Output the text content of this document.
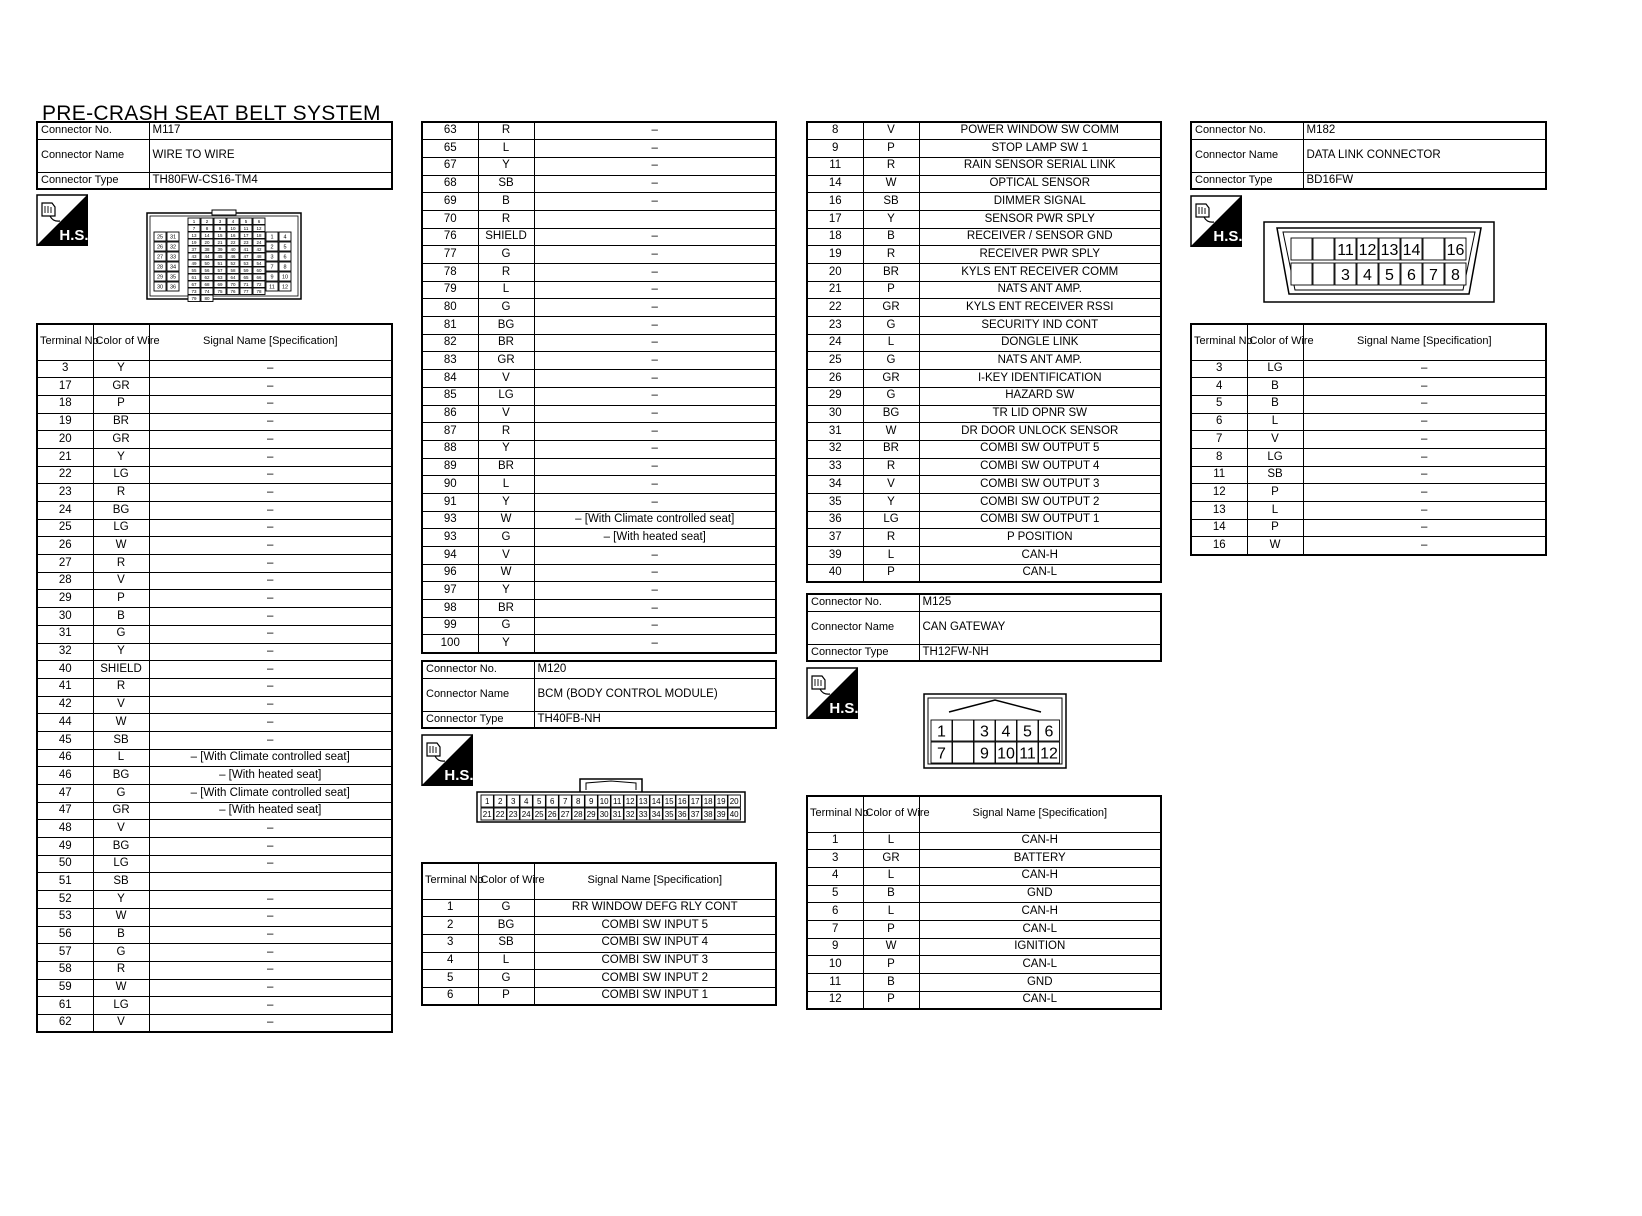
PRE-CRASH SEAT BELT SYSTEM
Connector No.	M117
Connector Name	WIRE TO WIRE
Connector Type	TH80FW-CS16-TM4
H.S.	25 31
26 32
27 33
28 34
29 35
30 36
1 2 3 4 5 6
7 8 9 10 11 12
13 14 15 16 17 18
19 20 21 22 23 24
37 38 39 40 41 42
43 44 45 46 47 48
49 50 51 52 53 54
55 56 57 58 59 60
61 62 63 64 65 66
67 68 69 70 71 72
73 74 75 76 77 78
79 80
1 4
2 5
3 6
7 8
9 10
11 12
Terminal No.	Color of Wire	Signal Name [Specification]
3	Y	–
17	GR	–
18	P	–
19	BR	–
20	GR	–
21	Y	–
22	LG	–
23	R	–
24	BG	–
25	LG	–
26	W	–
27	R	–
28	V	–
29	P	–
30	B	–
31	G	–
32	Y	–
40	SHIELD	–
41	R	–
42	V	–
44	W	–
45	SB	–
46	L	– [With Climate controlled seat]
46	BG	– [With heated seat]
47	G	– [With Climate controlled seat]
47	GR	– [With heated seat]
48	V	–
49	BG	–
50	LG	–
51	SB	
52	Y	–
53	W	–
56	B	–
57	G	–
58	R	–
59	W	–
61	LG	–
62	V	–
63	R	–
65	L	–
67	Y	–
68	SB	–
69	B	–
70	R	
76	SHIELD	–
77	G	–
78	R	–
79	L	–
80	G	–
81	BG	–
82	BR	–
83	GR	–
84	V	–
85	LG	–
86	V	–
87	R	–
88	Y	–
89	BR	–
90	L	–
91	Y	–
93	W	– [With Climate controlled seat]
93	G	– [With heated seat]
94	V	–
96	W	–
97	Y	–
98	BR	–
99	G	–
100	Y	–
Connector No.	M120
Connector Name	BCM (BODY CONTROL MODULE)
Connector Type	TH40FB-NH
H.S.
1 2 3 4 5 6 7 8 9 10 11 12 13 14 15 16 17 18 19 20
21 22 23 24 25 26 27 28 29 30 31 32 33 34 35 36 37 38 39 40
Terminal No.	Color of Wire	Signal Name [Specification]
1	G	RR WINDOW DEFG RLY CONT
2	BG	COMBI SW INPUT 5
3	SB	COMBI SW INPUT 4
4	L	COMBI SW INPUT 3
5	G	COMBI SW INPUT 2
6	P	COMBI SW INPUT 1
8	V	POWER WINDOW SW COMM
9	P	STOP LAMP SW 1
11	R	RAIN SENSOR SERIAL LINK
14	W	OPTICAL SENSOR
16	SB	DIMMER SIGNAL
17	Y	SENSOR PWR SPLY
18	B	RECEIVER / SENSOR GND
19	R	RECEIVER PWR SPLY
20	BR	KYLS ENT RECEIVER COMM
21	P	NATS ANT AMP.
22	GR	KYLS ENT RECEIVER RSSI
23	G	SECURITY IND CONT
24	L	DONGLE LINK
25	G	NATS ANT AMP.
26	GR	I-KEY IDENTIFICATION
29	G	HAZARD SW
30	BG	TR LID OPNR SW
31	W	DR DOOR UNLOCK SENSOR
32	BR	COMBI SW OUTPUT 5
33	R	COMBI SW OUTPUT 4
34	V	COMBI SW OUTPUT 3
35	Y	COMBI SW OUTPUT 2
36	LG	COMBI SW OUTPUT 1
37	R	P POSITION
39	L	CAN-H
40	P	CAN-L
Connector No.	M125
Connector Name	CAN GATEWAY
Connector Type	TH12FW-NH
H.S.
1 3 4 5 6
7 9 10 11 12
Terminal No.	Color of Wire	Signal Name [Specification]
1	L	CAN-H
3	GR	BATTERY
4	L	CAN-H
5	B	GND
6	L	CAN-H
7	P	CAN-L
9	W	IGNITION
10	P	CAN-L
11	B	GND
12	P	CAN-L
Connector No.	M182
Connector Name	DATA LINK CONNECTOR
Connector Type	BD16FW
H.S.
11 12 13 14 16
3 4 5 6 7 8
Terminal No.	Color of Wire	Signal Name [Specification]
3	LG	–
4	B	–
5	B	–
6	L	–
7	V	–
8	LG	–
11	SB	–
12	P	–
13	L	–
14	P	–
16	W	–
